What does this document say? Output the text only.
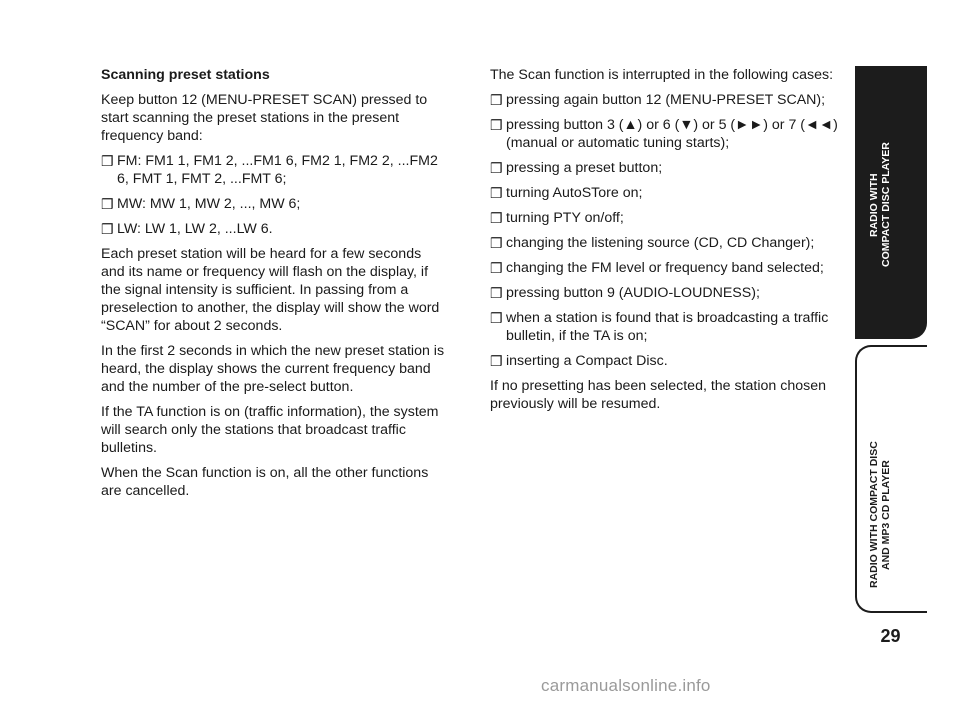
Scanning preset stations

Keep button 12 (MENU-PRESET SCAN) pressed to start scanning the preset stations in the present frequency band:

❒ FM: FM1 1, FM1 2, ...FM1 6, FM2 1, FM2 2, ...FM2 6, FMT 1, FMT 2, ...FMT 6;
❒ MW: MW 1, MW 2, ..., MW 6;
❒ LW: LW 1, LW 2, ...LW 6.

Each preset station will be heard for a few seconds and its name or frequency will flash on the display, if the signal intensity is sufficient. In passing from a preselection to another, the display will show the word “SCAN” for about 2 seconds.

In the first 2 seconds in which the new preset station is heard, the display shows the current frequency band and the number of the pre-select button.

If the TA function is on (traffic information), the system will search only the stations that broadcast traffic bulletins.

When the Scan function is on, all the other functions are cancelled.

The Scan function is interrupted in the following cases:

❒ pressing again button 12 (MENU-PRESET SCAN);
❒ pressing button 3 (▲) or 6 (▼) or 5 (►►) or 7 (◄◄) (manual or automatic tuning starts);
❒ pressing a preset button;
❒ turning AutoSTore on;
❒ turning PTY on/off;
❒ changing the listening source (CD, CD Changer);
❒ changing the FM level or frequency band selected;
❒ pressing button 9 (AUDIO-LOUDNESS);
❒ when a station is found that is broadcasting a traffic bulletin, if the TA is on;
❒ inserting a Compact Disc.

If no presetting has been selected, the station chosen previously will be resumed.

RADIO WITH COMPACT DISC PLAYER
RADIO WITH COMPACT DISC AND MP3 CD PLAYER
29
carmanualsonline.info
